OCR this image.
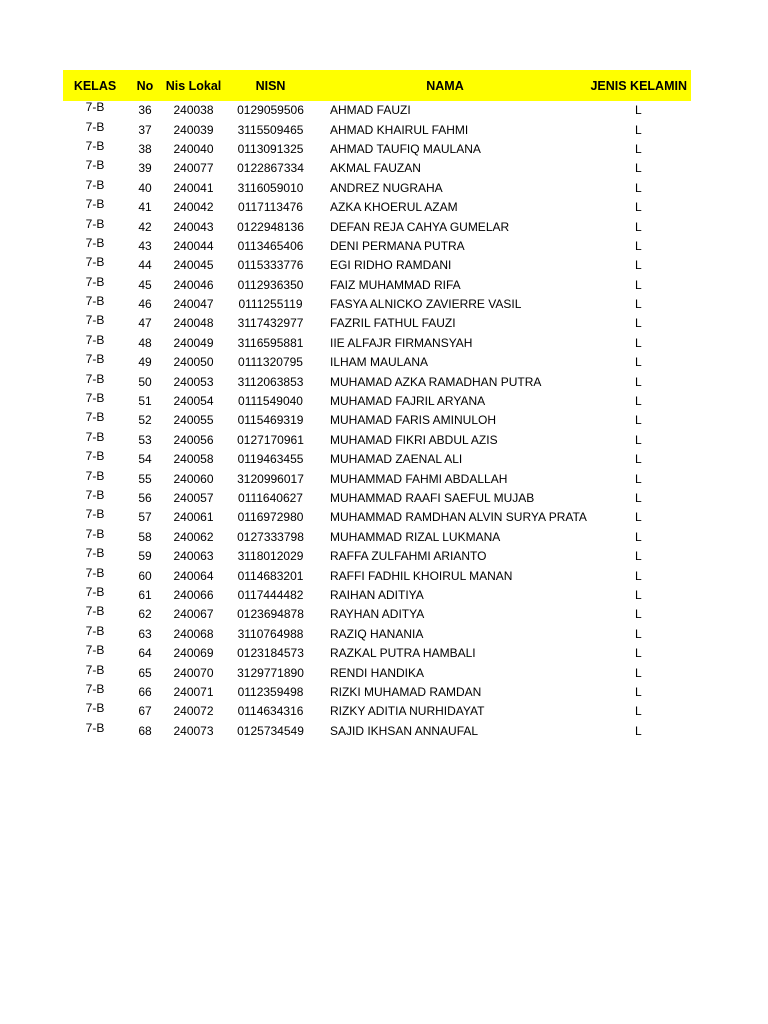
KELAS	No	Nis Lokal	NISN	NAMA	JENIS KELAMIN
7-B	36	240038	0129059506	AHMAD FAUZI	L
7-B	37	240039	3115509465	AHMAD KHAIRUL FAHMI	L
7-B	38	240040	0113091325	AHMAD TAUFIQ MAULANA	L
7-B	39	240077	0122867334	AKMAL FAUZAN	L
7-B	40	240041	3116059010	ANDREZ NUGRAHA	L
7-B	41	240042	0117113476	AZKA KHOERUL AZAM	L
7-B	42	240043	0122948136	DEFAN REJA CAHYA GUMELAR	L
7-B	43	240044	0113465406	DENI PERMANA PUTRA	L
7-B	44	240045	0115333776	EGI RIDHO RAMDANI	L
7-B	45	240046	0112936350	FAIZ MUHAMMAD RIFA	L
7-B	46	240047	0111255119	FASYA ALNICKO ZAVIERRE VASIL	L
7-B	47	240048	3117432977	FAZRIL FATHUL FAUZI	L
7-B	48	240049	3116595881	IIE ALFAJR FIRMANSYAH	L
7-B	49	240050	0111320795	ILHAM MAULANA	L
7-B	50	240053	3112063853	MUHAMAD AZKA RAMADHAN PUTRA	L
7-B	51	240054	0111549040	MUHAMAD FAJRIL ARYANA	L
7-B	52	240055	0115469319	MUHAMAD FARIS AMINULOH	L
7-B	53	240056	0127170961	MUHAMAD FIKRI ABDUL AZIS	L
7-B	54	240058	0119463455	MUHAMAD ZAENAL ALI	L
7-B	55	240060	3120996017	MUHAMMAD FAHMI ABDALLAH	L
7-B	56	240057	0111640627	MUHAMMAD RAAFI SAEFUL MUJAB	L
7-B	57	240061	0116972980	MUHAMMAD RAMDHAN ALVIN SURYA PRATA	L
7-B	58	240062	0127333798	MUHAMMAD RIZAL LUKMANA	L
7-B	59	240063	3118012029	RAFFA ZULFAHMI ARIANTO	L
7-B	60	240064	0114683201	RAFFI FADHIL KHOIRUL MANAN	L
7-B	61	240066	0117444482	RAIHAN ADITIYA	L
7-B	62	240067	0123694878	RAYHAN ADITYA	L
7-B	63	240068	3110764988	RAZIQ HANANIA	L
7-B	64	240069	0123184573	RAZKAL PUTRA HAMBALI	L
7-B	65	240070	3129771890	RENDI HANDIKA	L
7-B	66	240071	0112359498	RIZKI MUHAMAD RAMDAN	L
7-B	67	240072	0114634316	RIZKY ADITIA NURHIDAYAT	L
7-B	68	240073	0125734549	SAJID IKHSAN ANNAUFAL	L
